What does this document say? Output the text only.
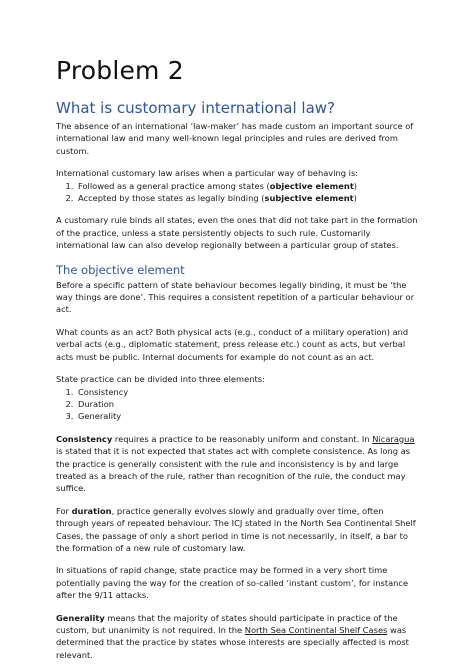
Problem 2
What is customary international law?

The absence of an international ‘law-maker’ has made custom an important source of international law and many well-known legal principles and rules are derived from custom.

International customary law arises when a particular way of behaving is:

1. Followed as a general practice among states (objective element)
2. Accepted by those states as legally binding (subjective element)

A customary rule binds all states, even the ones that did not take part in the formation of the practice, unless a state persistently objects to such rule. Customarily international law can also develop regionally between a particular group of states.

The objective element

Before a specific pattern of state behaviour becomes legally binding, it must be ‘the way things are done’. This requires a consistent repetition of a particular behaviour or act.

What counts as an act? Both physical acts (e.g., conduct of a military operation) and verbal acts (e.g., diplomatic statement, press release etc.) count as acts, but verbal acts must be public. Internal documents for example do not count as an act.

State practice can be divided into three elements:

1. Consistency
2. Duration
3. Generality

Consistency requires a practice to be reasonably uniform and constant. In Nicaragua is stated that it is not expected that states act with complete consistence. As long as the practice is generally consistent with the rule and inconsistency is by and large treated as a breach of the rule, rather than recognition of the rule, the conduct may suffice.

For duration, practice generally evolves slowly and gradually over time, often through years of repeated behaviour. The ICJ stated in the North Sea Continental Shelf Cases, the passage of only a short period in time is not necessarily, in itself, a bar to the formation of a new rule of customary law.

In situations of rapid change, state practice may be formed in a very short time potentially paving the way for the creation of so-called ‘instant custom’, for instance after the 9/11 attacks.

Generality means that the majority of states should participate in practice of the custom, but unanimity is not required. In the North Sea Continental Shelf Cases was determined that the practice by states whose interests are specially affected is most relevant.
